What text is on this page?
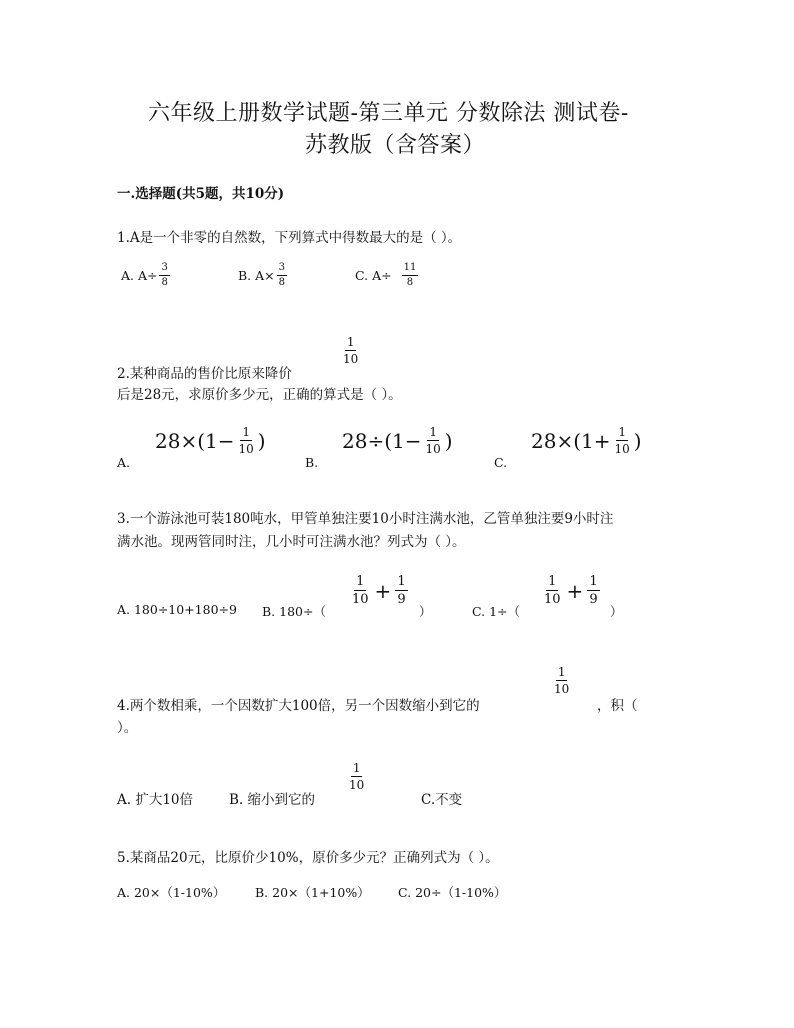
六年级上册数学试题-第三单元 分数除法 测试卷-
苏教版（含答案）
一.选择题(共5题，共10分)
1.A是一个非零的自然数，下列算式中得数最大的是（ ）。
A. $A\div \frac{3}{8}$	B. $A\times \frac{3}{8}$	C. $A\div \frac{11}{8}$
$\frac{1}{10}$
2.某种商品的售价比原来降价
后是28元，求原价多少元，正确的算式是（ ）。
A.
$28\times(1- \frac{1}{10}$ )
B.
$28\div(1- \frac{1}{10}$ )
C.
$28\times(1+ \frac{1}{10}$ )
3.一个游泳池可装180吨水，甲管单独注要10小时注满水池，乙管单独注要9小时注
满水池。现两管同时注，几小时可注满水池？列式为（ ）。
A. 180÷10+180÷9 B. 180÷（
$\frac{1}{10} + \frac{1}{9}$
）	C. 1÷（
$\frac{1}{10} + \frac{1}{9}$
）
$\frac{1}{10}$
4.两个数相乘，一个因数扩大100倍，另一个因数缩小到它的	，积（
）。
$\frac{1}{10}$
A. 扩大10倍	B. 缩小到它的	C.不变
5.某商品20元，比原价少10%，原价多少元？正确列式为（ ）。
A. 20×（1-10%） B. 20×（1+10%） C. 20÷（1-10%）
